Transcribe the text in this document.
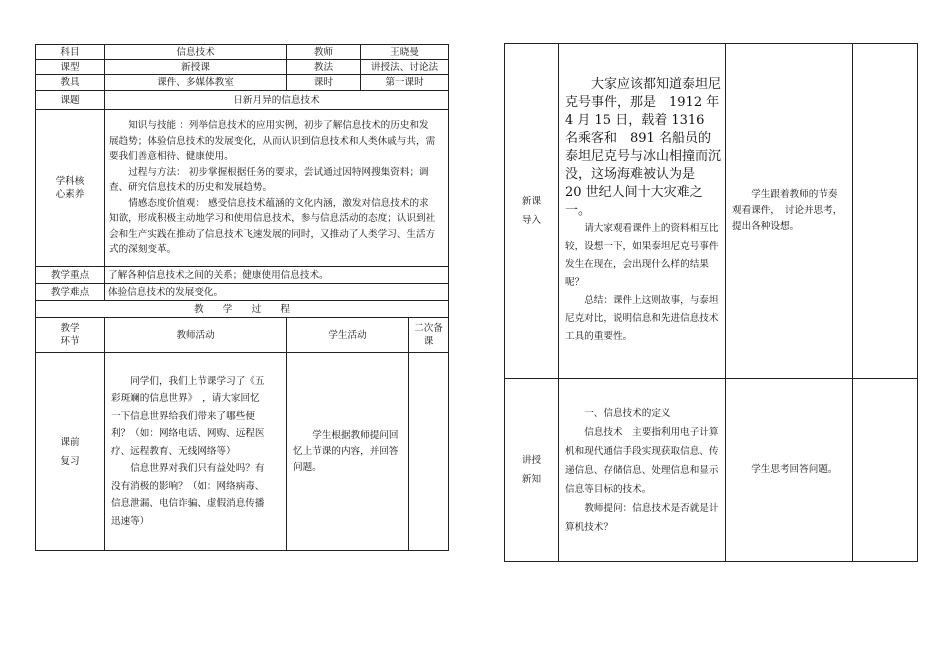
科目	信息技术	教师	王晓曼	
课型	新授课	教法	讲授法、讨论法	
教具	课件、多媒体教室	课时	第一课时	
课题	日新月异的信息技术			

学科核心素养	知识与技能 ：列举信息技术的应用实例，初步了解信息技术的历史和发展趋势；体验信息技术的发展变化，从而认识到信息技术和人类休戚与共，需要我们善意相待、健康使用。

过程与方法： 初步掌握根据任务的要求，尝试通过因特网搜集资料；调查、研究信息技术的历史和发展趋势。

情感态度价值观： 感受信息技术蕴涵的文化内涵，激发对信息技术的求知欲，形成积极主动地学习和使用信息技术，参与信息活动的态度；认识到社会和生产实践在推动了信息技术飞速发展的同时，又推动了人类学习、生活方式的深刻变革。			

教学重点	了解各种信息技术之间的关系；健康使用信息技术。			
教学难点	体验信息技术的发展变化。			
教　　学　　过　　程				

教学环节	教师活动	学生活动		二次备课

课前复习	同学们，我们上节课学习了《五彩斑斓的信息世界》　，请大家回忆一下信息世界给我们带来了哪些便利？（如：网络电话、网购、远程医疗、远程教育、无线网络等）

信息世界对我们只有益处吗？有没有消极的影响？（如：网络病毒、信息泄漏、电信诈骗、虚假消息传播迅速等）	学生根据教师提问回忆上节课的内容，并回答问题。		

新课导入	大家应该都知道泰坦尼克号事件，那是　1912 年4 月 15 日，载着 1316 名乘客和　891 名船员的泰坦尼克号与冰山相撞而沉没，这场海难被认为是　20 世纪人间十大灾难之一。

请大家观看课件上的资料相互比较，设想一下，如果泰坦尼克号事件发生在现在，会出现什么样的结果呢？

总结：课件上这则故事，与泰坦尼克对比，说明信息和先进信息技术工具的重要性。	学生跟着教师的节奏观看课件，　讨论并思考，提出各种设想。	

讲授新知	一、信息技术的定义

信息技术　主要指利用电子计算机和现代通信手段实现获取信息、传递信息、存储信息、处理信息和显示信息等目标的技术。

教师提问：信息技术是否就是计算机技术？	学生思考回答问题。	
